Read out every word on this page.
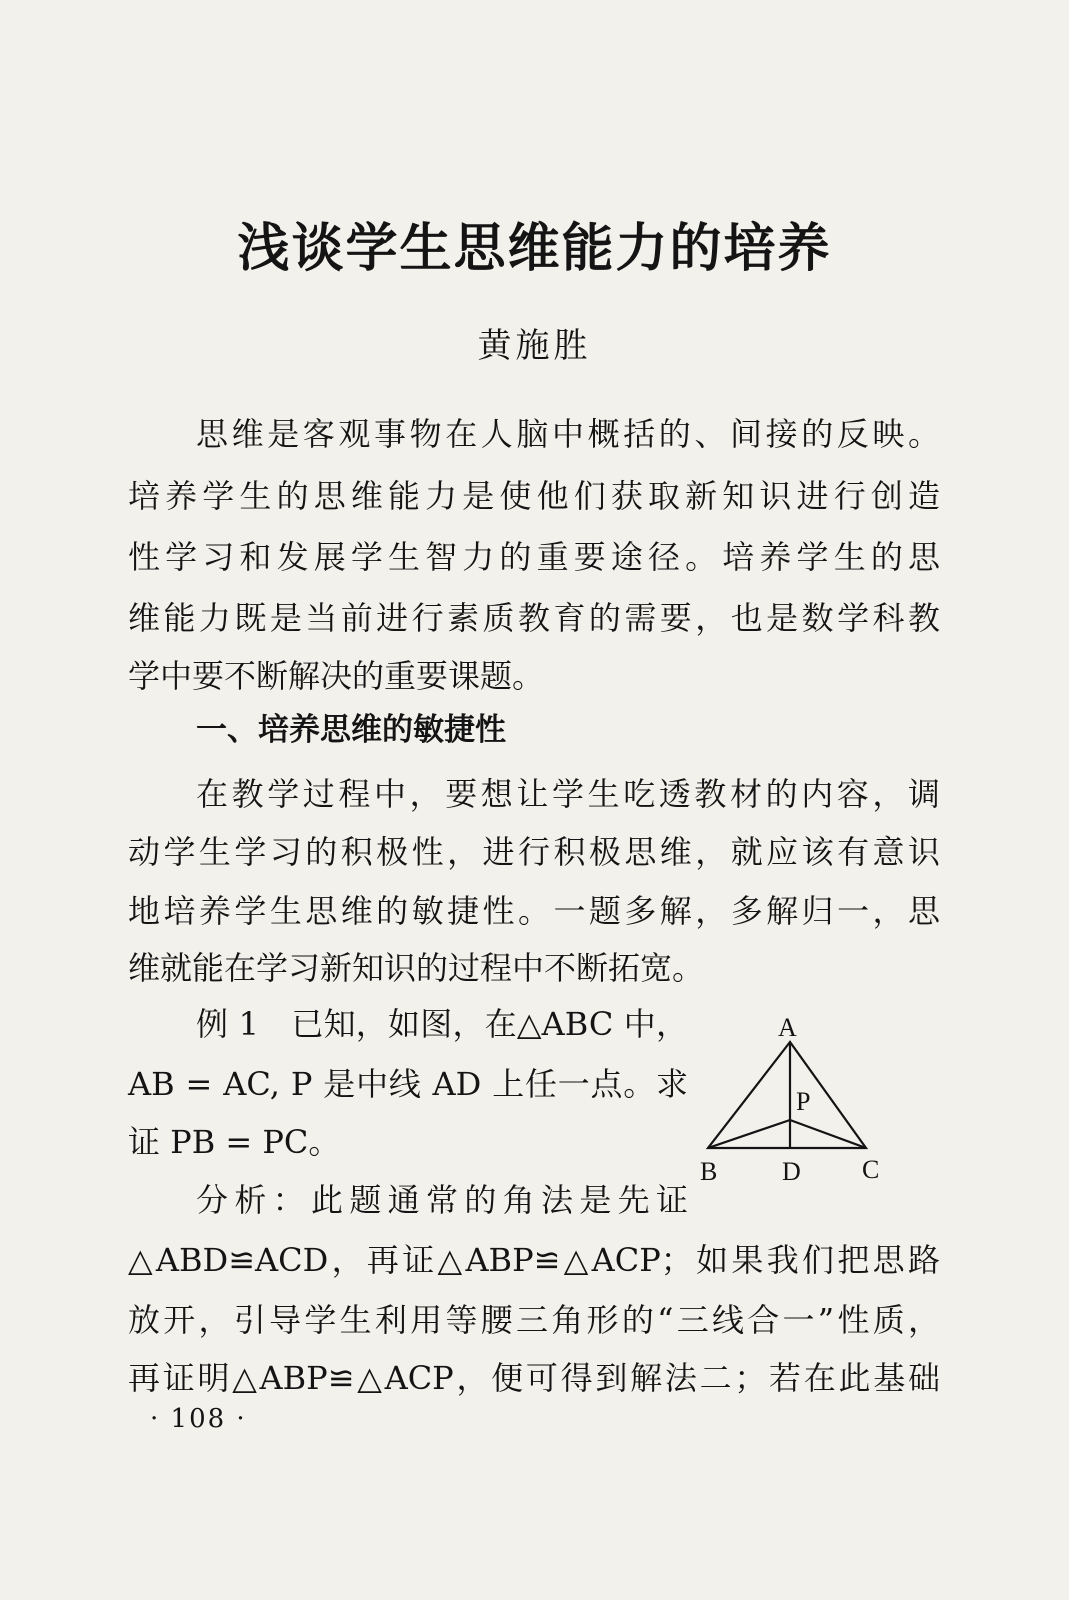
浅谈学生思维能力的培养
黄施胜
思维是客观事物在人脑中概括的、间接的反映。
培养学生的思维能力是使他们获取新知识进行创造
性学习和发展学生智力的重要途径。培养学生的思
维能力既是当前进行素质教育的需要，也是数学科教
学中要不断解决的重要课题。
一、培养思维的敏捷性
在教学过程中，要想让学生吃透教材的内容，调
动学生学习的积极性，进行积极思维，就应该有意识
地培养学生思维的敏捷性。一题多解，多解归一，思
维就能在学习新知识的过程中不断拓宽。
例 1　已知，如图，在△ABC 中，
AB = AC, P 是中线 AD 上任一点。求
证 PB = PC。
分析：此题通常的角法是先证
△ABD≌ACD，再证△ABP≌△ACP；如果我们把思路
放开，引导学生利用等腰三角形的“三线合一”性质，
再证明△ABP≌△ACP，便可得到解法二；若在此基础
A
P
B D C
· 108 ·
